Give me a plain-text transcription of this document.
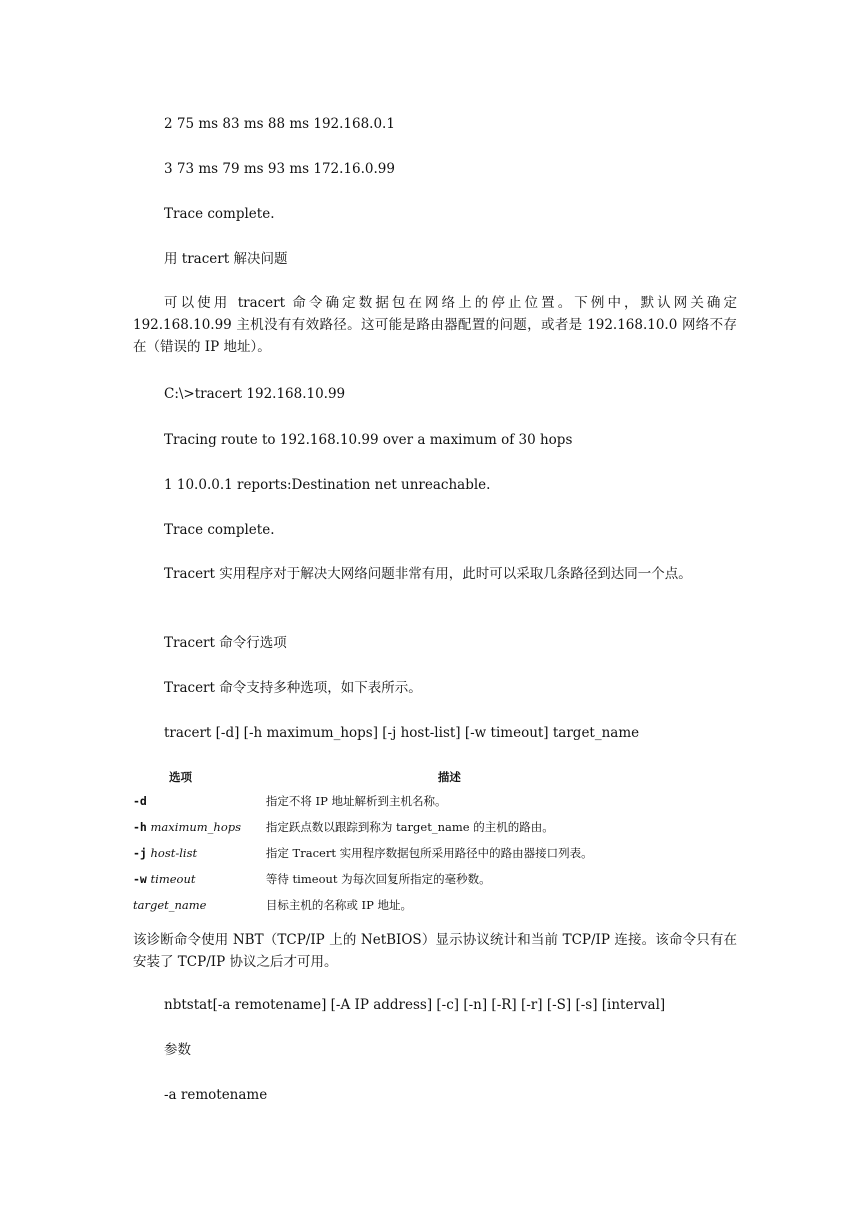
2 75 ms 83 ms 88 ms 192.168.0.1
3 73 ms 79 ms 93 ms 172.16.0.99
Trace complete.
用 tracert 解决问题
可以使用 tracert 命令确定数据包在网络上的停止位置。下例中，默认网关确定 192.168.10.99 主机没有有效路径。这可能是路由器配置的问题，或者是 192.168.10.0 网络不存在（错误的 IP 地址）。
C:\>tracert 192.168.10.99
Tracing route to 192.168.10.99 over a maximum of 30 hops
1 10.0.0.1 reports:Destination net unreachable.
Trace complete.
Tracert 实用程序对于解决大网络问题非常有用，此时可以采取几条路径到达同一个点。
Tracert 命令行选项
Tracert 命令支持多种选项，如下表所示。
tracert [-d] [-h maximum_hops] [-j host-list] [-w timeout] target_name
选项	描述
-d	指定不将 IP 地址解析到主机名称。
-h maximum_hops	指定跃点数以跟踪到称为 target_name 的主机的路由。
-j host-list	指定 Tracert 实用程序数据包所采用路径中的路由器接口列表。
-w timeout	等待 timeout 为每次回复所指定的毫秒数。
target_name	目标主机的名称或 IP 地址。
该诊断命令使用 NBT（TCP/IP 上的 NetBIOS）显示协议统计和当前 TCP/IP 连接。该命令只有在安装了 TCP/IP 协议之后才可用。
nbtstat[-a remotename] [-A IP address] [-c] [-n] [-R] [-r] [-S] [-s] [interval]
参数
-a remotename
